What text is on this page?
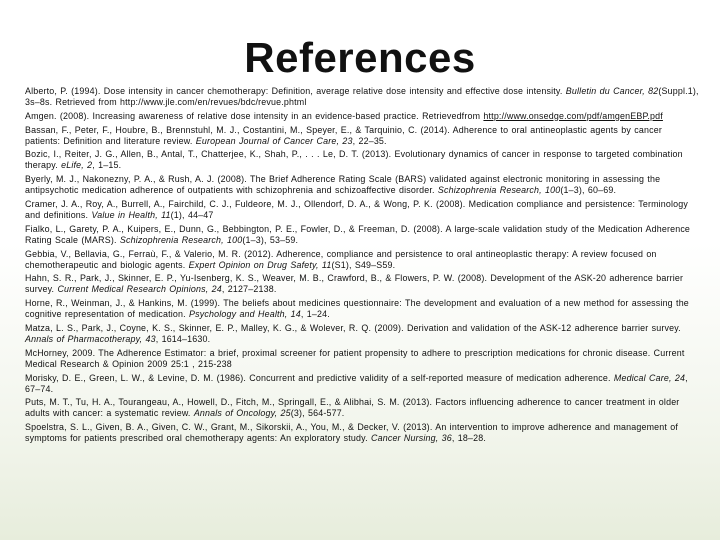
References
Alberto, P. (1994). Dose intensity in cancer chemotherapy: Definition, average relative dose intensity and effective dose intensity. Bulletin du Cancer, 82(Suppl.1), 3s–8s. Retrieved from http://www.jle.com/en/revues/bdc/revue.phtml
Amgen. (2008). Increasing awareness of relative dose intensity in an evidence-based practice. Retrievedfrom http://www.onsedge.com/pdf/amgenEBP.pdf
Bassan, F., Peter, F., Houbre, B., Brennstuhl, M. J., Costantini, M., Speyer, E., & Tarquinio, C. (2014). Adherence to oral antineoplastic agents by cancer patients: Definition and literature review. European Journal of Cancer Care, 23, 22–35.
Bozic, I., Reiter, J. G., Allen, B., Antal, T., Chatterjee, K., Shah, P., . . . Le, D. T. (2013). Evolutionary dynamics of cancer in response to targeted combination therapy. eLife, 2, 1–15.
Byerly, M. J., Nakonezny, P. A., & Rush, A. J. (2008). The Brief Adherence Rating Scale (BARS) validated against electronic monitoring in assessing the antipsychotic medication adherence of outpatients with schizophrenia and schizoaffective disorder. Schizophrenia Research, 100(1–3), 60–69.
Cramer, J. A., Roy, A., Burrell, A., Fairchild, C. J., Fuldeore, M. J., Ollendorf, D. A., & Wong, P. K. (2008). Medication compliance and persistence: Terminology and definitions. Value in Health, 11(1), 44–47
Fialko, L., Garety, P. A., Kuipers, E., Dunn, G., Bebbington, P. E., Fowler, D., & Freeman, D. (2008). A large-scale validation study of the Medication Adherence Rating Scale (MARS). Schizophrenia Research, 100(1–3), 53–59.
Gebbia, V., Bellavia, G., Ferraù, F., & Valerio, M. R. (2012). Adherence, compliance and persistence to oral antineoplastic therapy: A review focused on chemotherapeutic and biologic agents. Expert Opinion on Drug Safety, 11(S1), S49–S59.
Hahn, S. R., Park, J., Skinner, E. P., Yu-Isenberg, K. S., Weaver, M. B., Crawford, B., & Flowers, P. W. (2008). Development of the ASK-20 adherence barrier survey. Current Medical Research Opinions, 24, 2127–2138.
Horne, R., Weinman, J., & Hankins, M. (1999). The beliefs about medicines questionnaire: The development and evaluation of a new method for assessing the cognitive representation of medication. Psychology and Health, 14, 1–24.
Matza, L. S., Park, J., Coyne, K. S., Skinner, E. P., Malley, K. G., & Wolever, R. Q. (2009). Derivation and validation of the ASK-12 adherence barrier survey. Annals of Pharmacotherapy, 43, 1614–1630.
McHorney, 2009. The Adherence Estimator: a brief, proximal screener for patient propensity to adhere to prescription medications for chronic disease. Current Medical Research & Opinion 2009 25:1 , 215-238
Morisky, D. E., Green, L. W., & Levine, D. M. (1986). Concurrent and predictive validity of a self-reported measure of medication adherence. Medical Care, 24, 67–74.
Puts, M. T., Tu, H. A., Tourangeau, A., Howell, D., Fitch, M., Springall, E., & Alibhai, S. M. (2013). Factors influencing adherence to cancer treatment in older adults with cancer: a systematic review. Annals of Oncology, 25(3), 564-577.
Spoelstra, S. L., Given, B. A., Given, C. W., Grant, M., Sikorskii, A., You, M., & Decker, V. (2013). An intervention to improve adherence and management of symptoms for patients prescribed oral chemotherapy agents: An exploratory study. Cancer Nursing, 36, 18–28.
